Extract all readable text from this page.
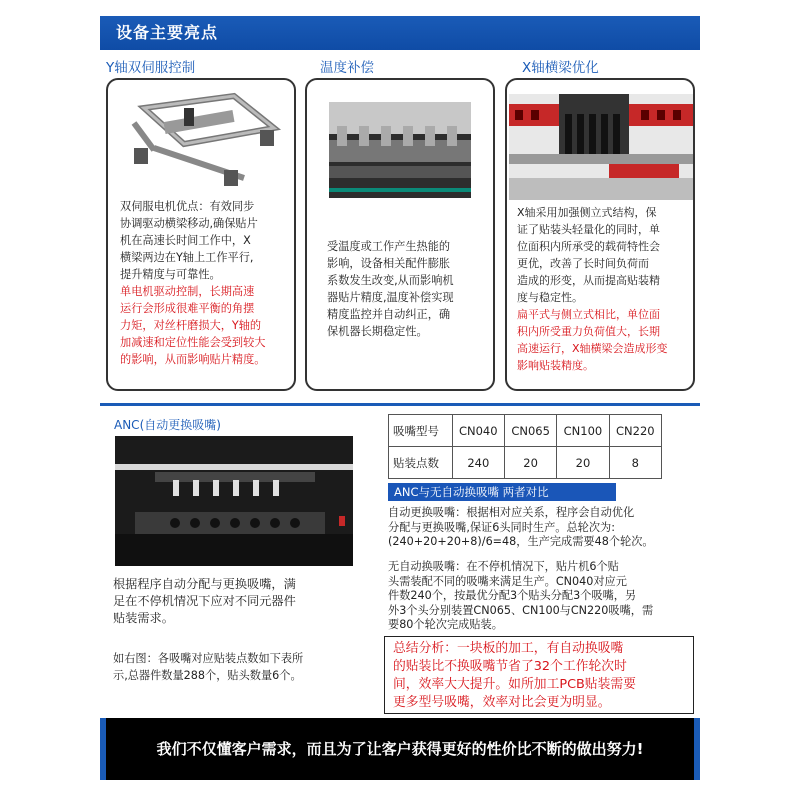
设备主要亮点
Y轴双伺服控制
双伺服电机优点：有效同步
协调驱动横梁移动,确保贴片
机在高速长时间工作中，X
横梁两边在Y轴上工作平行,
提升精度与可靠性。
单电机驱动控制，长期高速
运行会形成很难平衡的角摆
力矩，对丝杆磨损大，Y轴的
加减速和定位性能会受到较大
的影响，从而影响贴片精度。
温度补偿
受温度或工作产生热能的
影响，设备相关配件膨胀
系数发生改变,从而影响机
器贴片精度,温度补偿实现
精度监控并自动纠正，确
保机器长期稳定性。
X轴横梁优化
X轴采用加强侧立式结构，保
证了贴装头轻量化的同时，单
位面积内所承受的载荷特性会
更优，改善了长时间负荷而
造成的形变，从而提高贴装精
度与稳定性。
扁平式与侧立式相比，单位面
积内所受重力负荷值大，长期
高速运行，X轴横梁会造成形变
影响贴装精度。
ANC(自动更换吸嘴)
根据程序自动分配与更换吸嘴，满
足在不停机情况下应对不同元器件
贴装需求。
如右图：各吸嘴对应贴装点数如下表所
示,总器件数量288个，贴头数量6个。
吸嘴型号	CN040	CN065	CN100	CN220
贴装点数	240	20	20	8
ANC与无自动换吸嘴 两者对比
自动更换吸嘴：根据相对应关系，程序会自动优化
分配与更换吸嘴,保证6头同时生产。总轮次为:
(240+20+20+8)/6=48，生产完成需要48个轮次。
无自动换吸嘴：在不停机情况下，贴片机6个贴
头需装配不同的吸嘴来满足生产。CN040对应元
件数240个，按最优分配3个贴头分配3个吸嘴，另
外3个头分别装置CN065、CN100与CN220吸嘴，需
要80个轮次完成贴装。
总结分析：一块板的加工，有自动换吸嘴
的贴装比不换吸嘴节省了32个工作轮次时
间，效率大大提升。如所加工PCB贴装需要
更多型号吸嘴，效率对比会更为明显。
我们不仅懂客户需求，而且为了让客户获得更好的性价比不断的做出努力!
